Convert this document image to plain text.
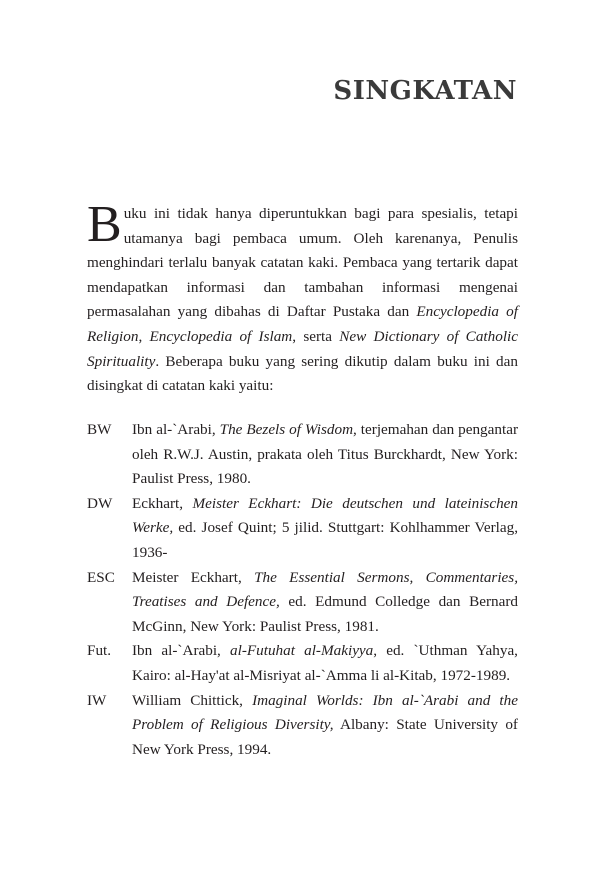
SINGKATAN

Buku ini tidak hanya diperuntukkan bagi para spesialis, tetapi utamanya bagi pembaca umum. Oleh karenanya, Penulis menghindari terlalu banyak catatan kaki. Pembaca yang tertarik dapat mendapatkan informasi dan tambahan informasi mengenai permasalahan yang dibahas di Daftar Pustaka dan Encyclopedia of Religion, Encyclopedia of Islam, serta New Dictionary of Catholic Spirituality. Beberapa buku yang sering dikutip dalam buku ini dan disingkat di catatan kaki yaitu:

BW	Ibn al-`Arabi, The Bezels of Wisdom, terjemahan dan pengantar oleh R.W.J. Austin, prakata oleh Titus Burckhardt, New York: Paulist Press, 1980.
DW	Eckhart, Meister Eckhart: Die deutschen und lateinischen Werke, ed. Josef Quint; 5 jilid. Stuttgart: Kohlhammer Verlag, 1936-
ESC	Meister Eckhart, The Essential Sermons, Commentaries, Treatises and Defence, ed. Edmund Colledge dan Bernard McGinn, New York: Paulist Press, 1981.
Fut.	Ibn al-`Arabi, al-Futuhat al-Makiyya, ed. `Uthman Yahya, Kairo: al-Hay'at al-Misriyat al-`Amma li al-Kitab, 1972-1989.
IW	William Chittick, Imaginal Worlds: Ibn al-`Arabi and the Problem of Religious Diversity, Albany: State University of New York Press, 1994.
